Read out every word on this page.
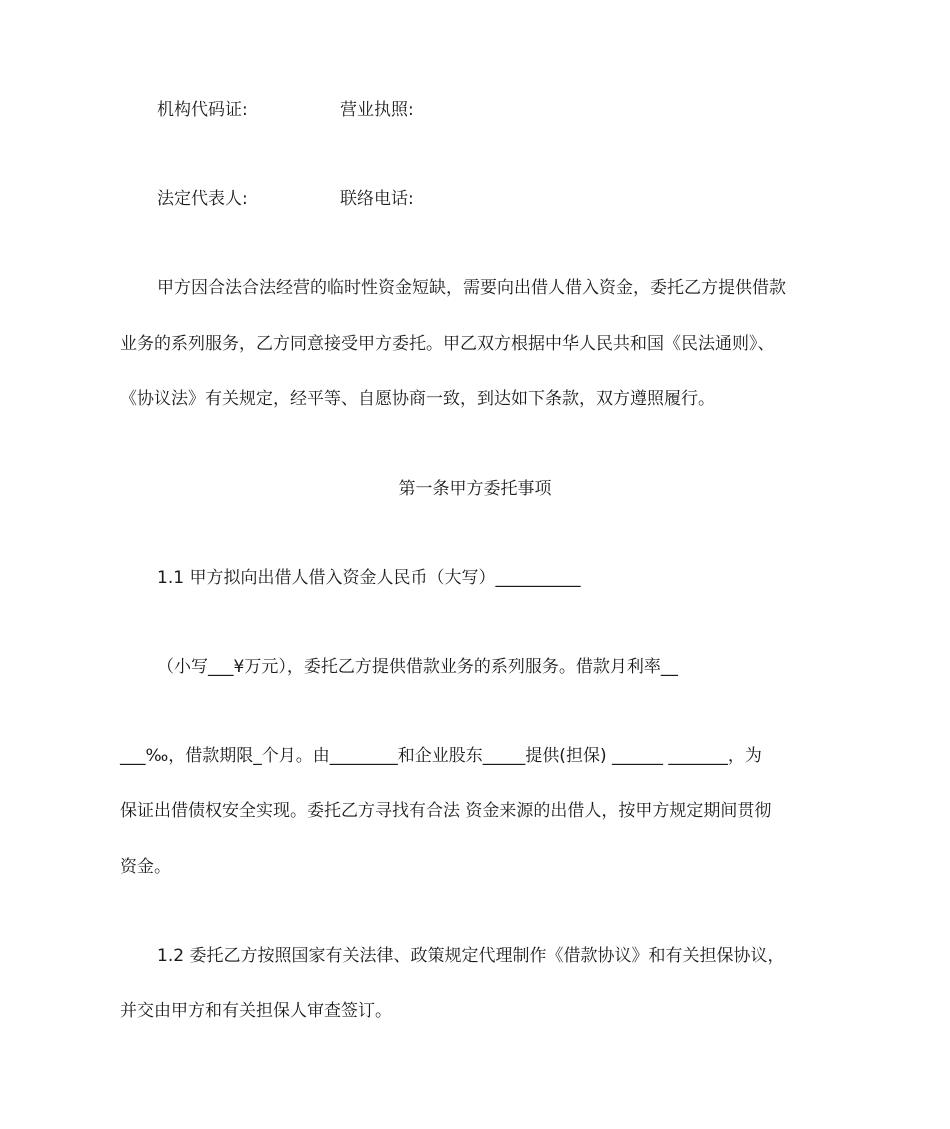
机构代码证:	营业执照:
法定代表人:	联络电话:
甲方因合法合法经营的临时性资金短缺，需要向出借人借入资金，委托乙方提供借款
业务的系列服务，乙方同意接受甲方委托。甲乙双方根据中华人民共和国《民法通则》、
《协议法》有关规定，经平等、自愿协商一致，到达如下条款，双方遵照履行。
第一条甲方委托事项
1.1 甲方拟向出借人借入资金人民币（大写）__________
（小写___¥万元），委托乙方提供借款业务的系列服务。借款月利率__
___‰，借款期限_个月。由________和企业股东_____提供(担保) ______ _______，为
保证出借债权安全实现。委托乙方寻找有合法 资金来源的出借人，按甲方规定期间贯彻
资金。
1.2 委托乙方按照国家有关法律、政策规定代理制作《借款协议》和有关担保协议，
并交由甲方和有关担保人审查签订。
